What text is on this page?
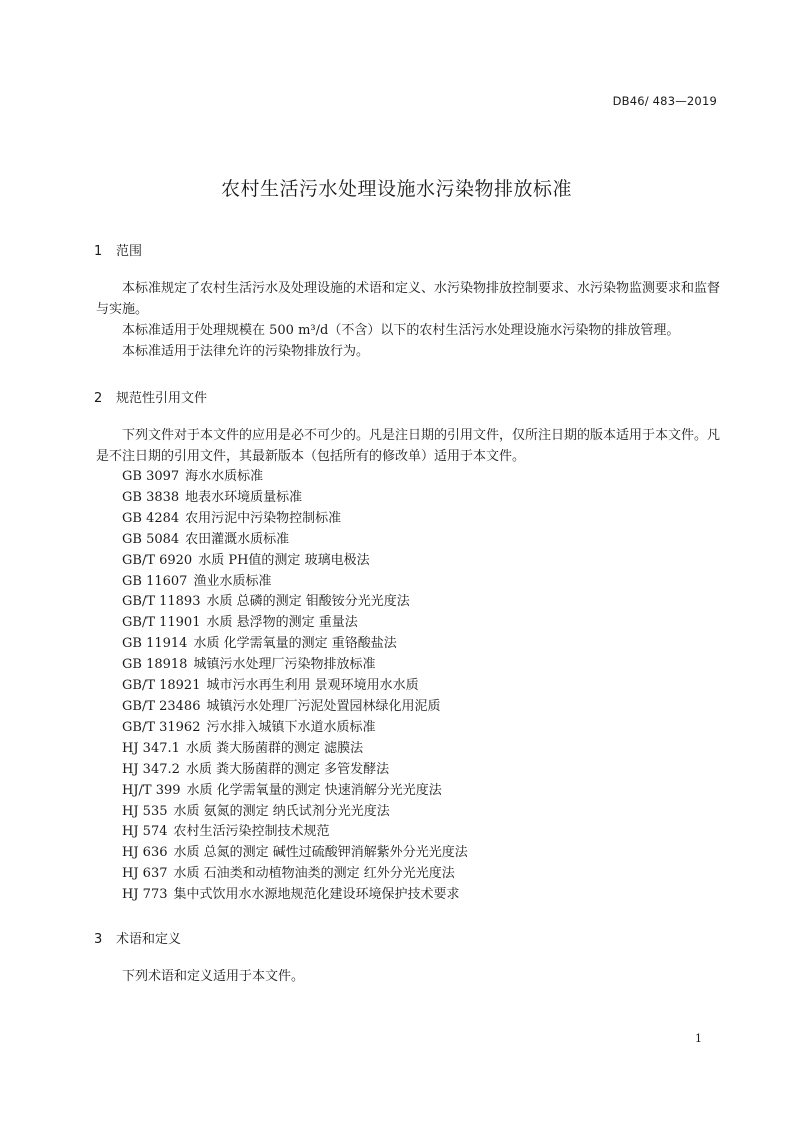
DB46/ 483—2019
农村生活污水处理设施水污染物排放标准
1 范围

本标准规定了农村生活污水及处理设施的术语和定义、水污染物排放控制要求、水污染物监测要求和监督与实施。

本标准适用于处理规模在 500 m³/d（不含）以下的农村生活污水处理设施水污染物的排放管理。

本标准适用于法律允许的污染物排放行为。

2 规范性引用文件

下列文件对于本文件的应用是必不可少的。凡是注日期的引用文件，仅所注日期的版本适用于本文件。凡是不注日期的引用文件，其最新版本（包括所有的修改单）适用于本文件。

GB 3097 海水水质标准
GB 3838 地表水环境质量标准
GB 4284 农用污泥中污染物控制标准
GB 5084 农田灌溉水质标准
GB/T 6920 水质 PH值的测定 玻璃电极法
GB 11607 渔业水质标准
GB/T 11893 水质 总磷的测定 钼酸铵分光光度法
GB/T 11901 水质 悬浮物的测定 重量法
GB 11914 水质 化学需氧量的测定 重铬酸盐法
GB 18918 城镇污水处理厂污染物排放标准
GB/T 18921 城市污水再生利用 景观环境用水水质
GB/T 23486 城镇污水处理厂污泥处置园林绿化用泥质
GB/T 31962 污水排入城镇下水道水质标准
HJ 347.1 水质 粪大肠菌群的测定 滤膜法
HJ 347.2 水质 粪大肠菌群的测定 多管发酵法
HJ/T 399 水质 化学需氧量的测定 快速消解分光光度法
HJ 535 水质 氨氮的测定 纳氏试剂分光光度法
HJ 574 农村生活污染控制技术规范
HJ 636 水质 总氮的测定 碱性过硫酸钾消解紫外分光光度法
HJ 637 水质 石油类和动植物油类的测定 红外分光光度法
HJ 773 集中式饮用水水源地规范化建设环境保护技术要求
3 术语和定义

下列术语和定义适用于本文件。

1
